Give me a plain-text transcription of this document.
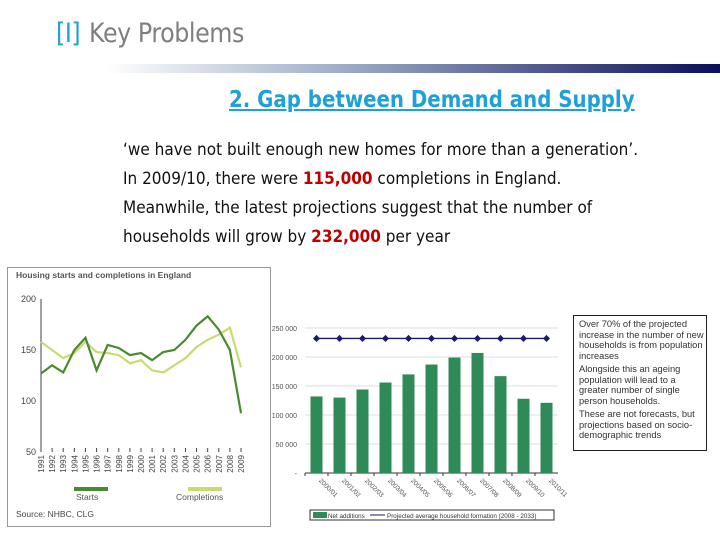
[I] Key Problems
2. Gap between Demand and Supply
‘we have not built enough new homes for more than a generation’.
In 2009/10, there were 115,000 completions in England.
Meanwhile, the latest projections suggest that the number of
households will grow by 232,000 per year
Housing starts and completions in England
200
150
100
50
1991 1992 1993 1994 1995 1996 1997 1998 1999 2000 2001 2002 2003 2004 2005 2006 2007 2008 2009
Starts	Completions
Source: NHBC, CLG
250 000
200 000
150 000
100 000
50 000
-
2000/01 2001/02 2002/03 2003/04 2004/05 2005/06 2006/07 2007/08 2008/09 2009/10 2010/11
Net additions	Projected average household formation (2008 - 2033)

Over 70% of the projected increase in the number of new households is from population increases

Alongside this an ageing population will lead to a greater number of single person households.

These are not forecasts, but projections based on socio-demographic trends
